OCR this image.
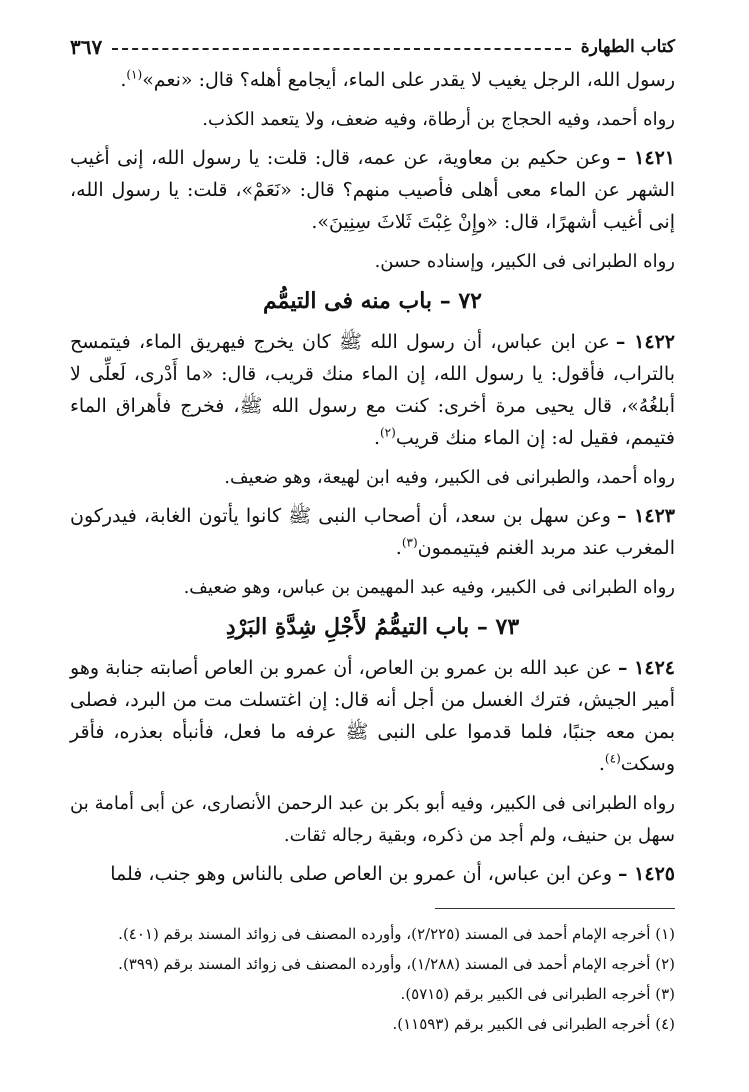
كتاب الطهارة
٣٦٧

رسول الله، الرجل يغيب لا يقدر على الماء، أيجامع أهله؟ قال: «نعم»$^{(١)}$.

رواه أحمد، وفيه الحجاج بن أرطاة، وفيه ضعف، ولا يتعمد الكذب.

١٤٢١ –وعن حكيم بن معاوية، عن عمه، قال: قلت: يا رسول الله، إنى أغيب الشهر عن الماء معى أهلى فأصيب منهم؟ قال: «نَعَمْ»، قلت: يا رسول الله، إنى أغيب أشهرًا، قال: «وإِنْ غِبْتَ ثَلاثَ سِنِينَ».

رواه الطبرانى فى الكبير، وإسناده حسن.

٧٢ – باب منه فى التيمُّم

١٤٢٢ –عن ابن عباس، أن رسول الله ﷺ كان يخرج فيهريق الماء، فيتمسح بالتراب، فأقول: يا رسول الله، إن الماء منك قريب، قال: «ما أَدْرى، لَعلِّى لا أبلغُهُ»، قال يحيى مرة أخرى: كنت مع رسول الله ﷺ، فخرج فأهراق الماء فتيمم، فقيل له: إن الماء منك قريب$^{(٢)}$.

رواه أحمد، والطبرانى فى الكبير، وفيه ابن لهيعة، وهو ضعيف.

١٤٢٣ –وعن سهل بن سعد، أن أصحاب النبى ﷺ كانوا يأتون الغابة، فيدركون المغرب عند مربد الغنم فيتيممون$^{(٣)}$.

رواه الطبرانى فى الكبير، وفيه عبد المهيمن بن عباس، وهو ضعيف.

٧٣ – باب التيمُّمُ لأَجْلِ شِدَّةِ البَرْدِ

١٤٢٤ –عن عبد الله بن عمرو بن العاص، أن عمرو بن العاص أصابته جنابة وهو أمير الجيش، فترك الغسل من أجل أنه قال: إن اغتسلت مت من البرد، فصلى بمن معه جنبًا، فلما قدموا على النبى ﷺ عرفه ما فعل، فأنبأه بعذره، فأقر وسكت$^{(٤)}$.

رواه الطبرانى فى الكبير، وفيه أبو بكر بن عبد الرحمن الأنصارى، عن أبى أمامة بن سهل بن حنيف، ولم أجد من ذكره، وبقية رجاله ثقات.

١٤٢٥ –وعن ابن عباس، أن عمرو بن العاص صلى بالناس وهو جنب، فلما

(١) أخرجه الإمام أحمد فى المسند (٢/٢٢٥)، وأورده المصنف فى زوائد المسند برقم (٤٠١).

(٢) أخرجه الإمام أحمد فى المسند (١/٢٨٨)، وأورده المصنف فى زوائد المسند برقم (٣٩٩).

(٣) أخرجه الطبرانى فى الكبير برقم (٥٧١٥).

(٤) أخرجه الطبرانى فى الكبير برقم (١١٥٩٣).
